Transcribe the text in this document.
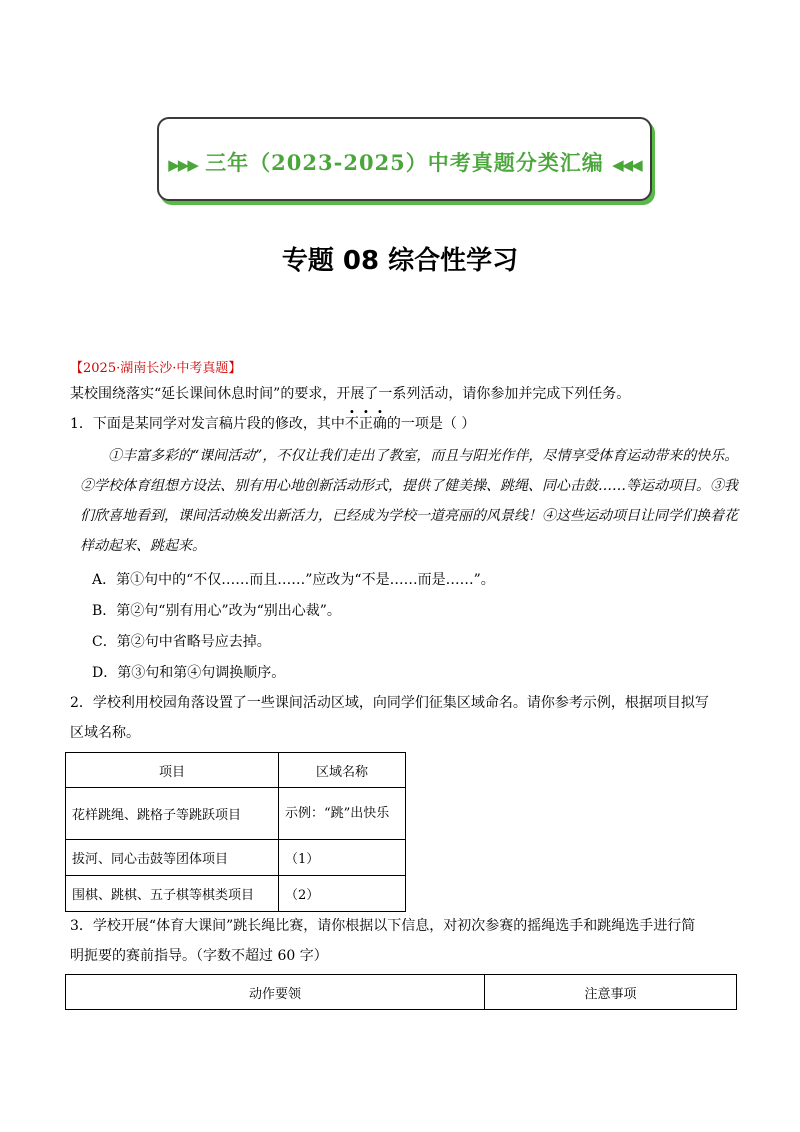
▶▶▶ 三年（2023-2025）中考真题分类汇编 ◀◀◀
专题 08 综合性学习
【2025·湖南长沙·中考真题】
某校围绕落实“延长课间休息时间”的要求，开展了一系列活动，请你参加并完成下列任务。
1．下面是某同学对发言稿片段的修改，其中不正确的一项是（ ）
①丰富多彩的“课间活动”，不仅让我们走出了教室，而且与阳光作伴，尽情享受体育运动带来的快乐。②学校体育组想方设法、别有用心地创新活动形式，提供了健美操、跳绳、同心击鼓……等运动项目。③我们欣喜地看到，课间活动焕发出新活力，已经成为学校一道亮丽的风景线！④这些运动项目让同学们换着花样动起来、跳起来。
A．第①句中的“不仅……而且……”应改为“不是……而是……”。
B．第②句“别有用心”改为“别出心裁”。
C．第②句中省略号应去掉。
D．第③句和第④句调换顺序。
2．学校利用校园角落设置了一些课间活动区域，向同学们征集区域命名。请你参考示例，根据项目拟写
区域名称。
项目	区域名称
花样跳绳、跳格子等跳跃项目	示例：“跳”出快乐
拔河、同心击鼓等团体项目	（1）
围棋、跳棋、五子棋等棋类项目	（2）
3．学校开展“体育大课间”跳长绳比赛，请你根据以下信息，对初次参赛的摇绳选手和跳绳选手进行简
明扼要的赛前指导。（字数不超过 60 字）
动作要领	注意事项
